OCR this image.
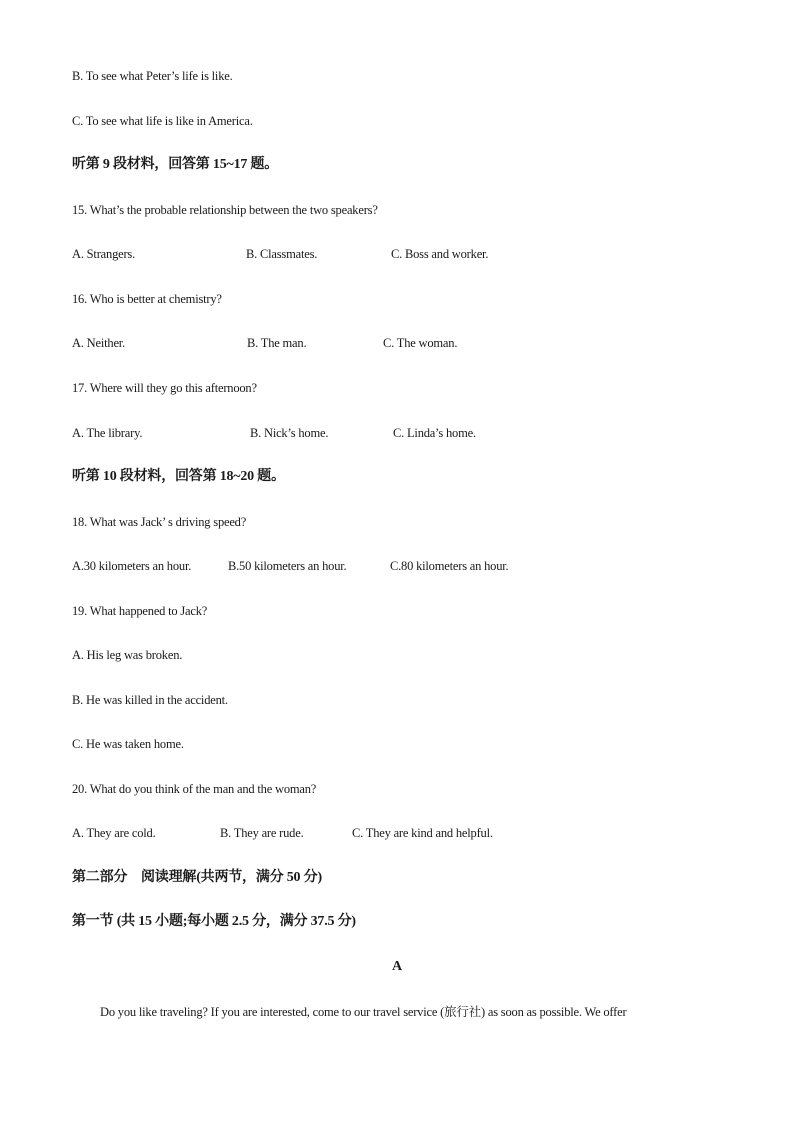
B. To see what Peter’s life is like.
C. To see what life is like in America.
听第 9 段材料，回答第 15~17 题。
15. What’s the probable relationship between the two speakers?
A. Strangers.	B. Classmates.	C. Boss and worker.
16. Who is better at chemistry?
A. Neither.	B. The man.	C. The woman.
17. Where will they go this afternoon?
A. The library.	B. Nick’s home.	C. Linda’s home.
听第 10 段材料，回答第 18~20 题。
18. What was Jack’ s driving speed?
A.30 kilometers an hour.	B.50 kilometers an hour.	C.80 kilometers an hour.
19. What happened to Jack?
A. His leg was broken.
B. He was killed in the accident.
C. He was taken home.
20. What do you think of the man and the woman?
A. They are cold.	B. They are rude.	C. They are kind and helpful.
第二部分　阅读理解(共两节，满分 50 分)
第一节 (共 15 小题;每小题 2.5 分，满分 37.5 分)
A
Do you like traveling? If you are interested, come to our travel service (旅行社) as soon as possible. We offer
